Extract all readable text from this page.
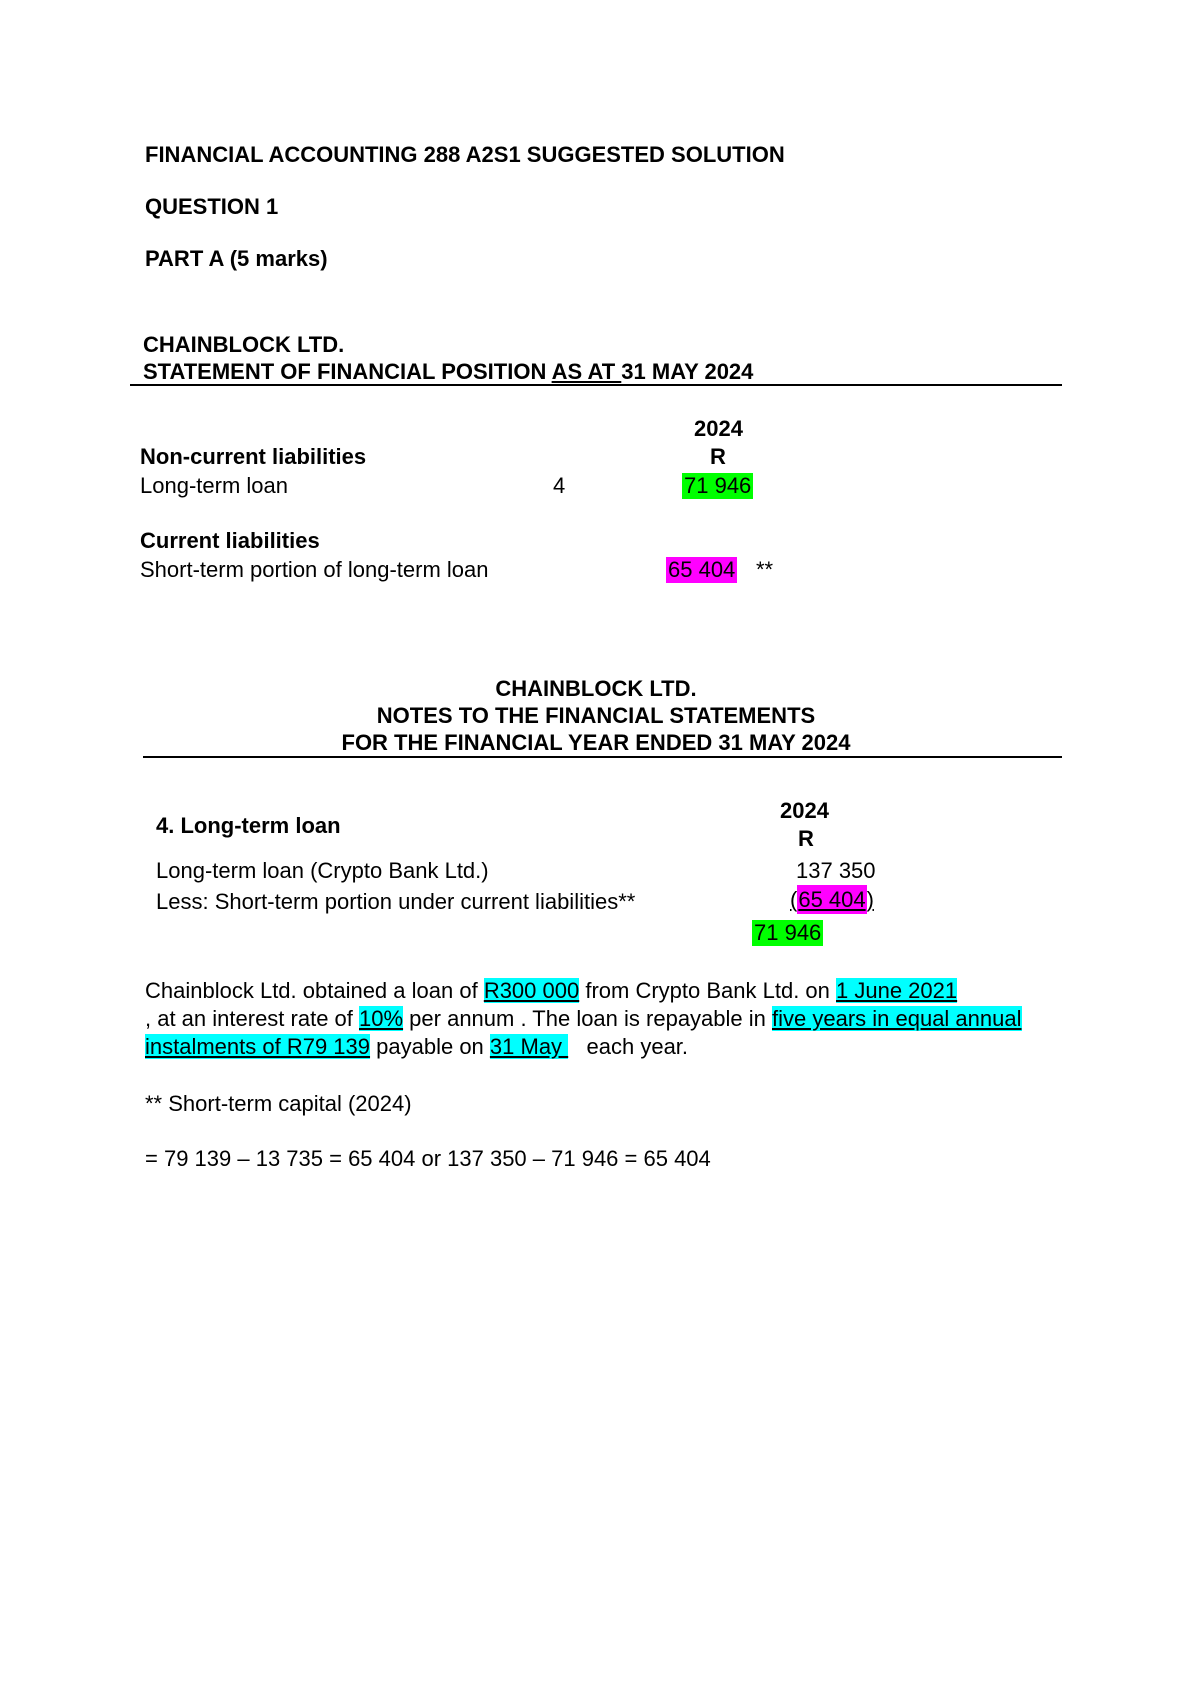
FINANCIAL ACCOUNTING 288 A2S1 SUGGESTED SOLUTION
QUESTION 1
PART A (5 marks)
CHAINBLOCK LTD.
STATEMENT OF FINANCIAL POSITION AS AT 31 MAY 2024
2024
R
Non-current liabilities
Long-term loan	4	71 946
Current liabilities
Short-term portion of long-term loan	65 404 **
CHAINBLOCK LTD.
NOTES TO THE FINANCIAL STATEMENTS
FOR THE FINANCIAL YEAR ENDED 31 MAY 2024
2024
R
4. Long-term loan
Long-term loan (Crypto Bank Ltd.)	137 350
Less: Short-term portion under current liabilities**	(65 404)
71 946
Chainblock Ltd. obtained a loan of R300 000 from Crypto Bank Ltd. on 1 June 2021
, at an interest rate of 10% per annum . The loan is repayable in five years in equal annual instalments of R79 139 payable on 31 May    each year.
** Short-term capital (2024)
= 79 139 – 13 735 = 65 404 or 137 350 – 71 946 = 65 404
